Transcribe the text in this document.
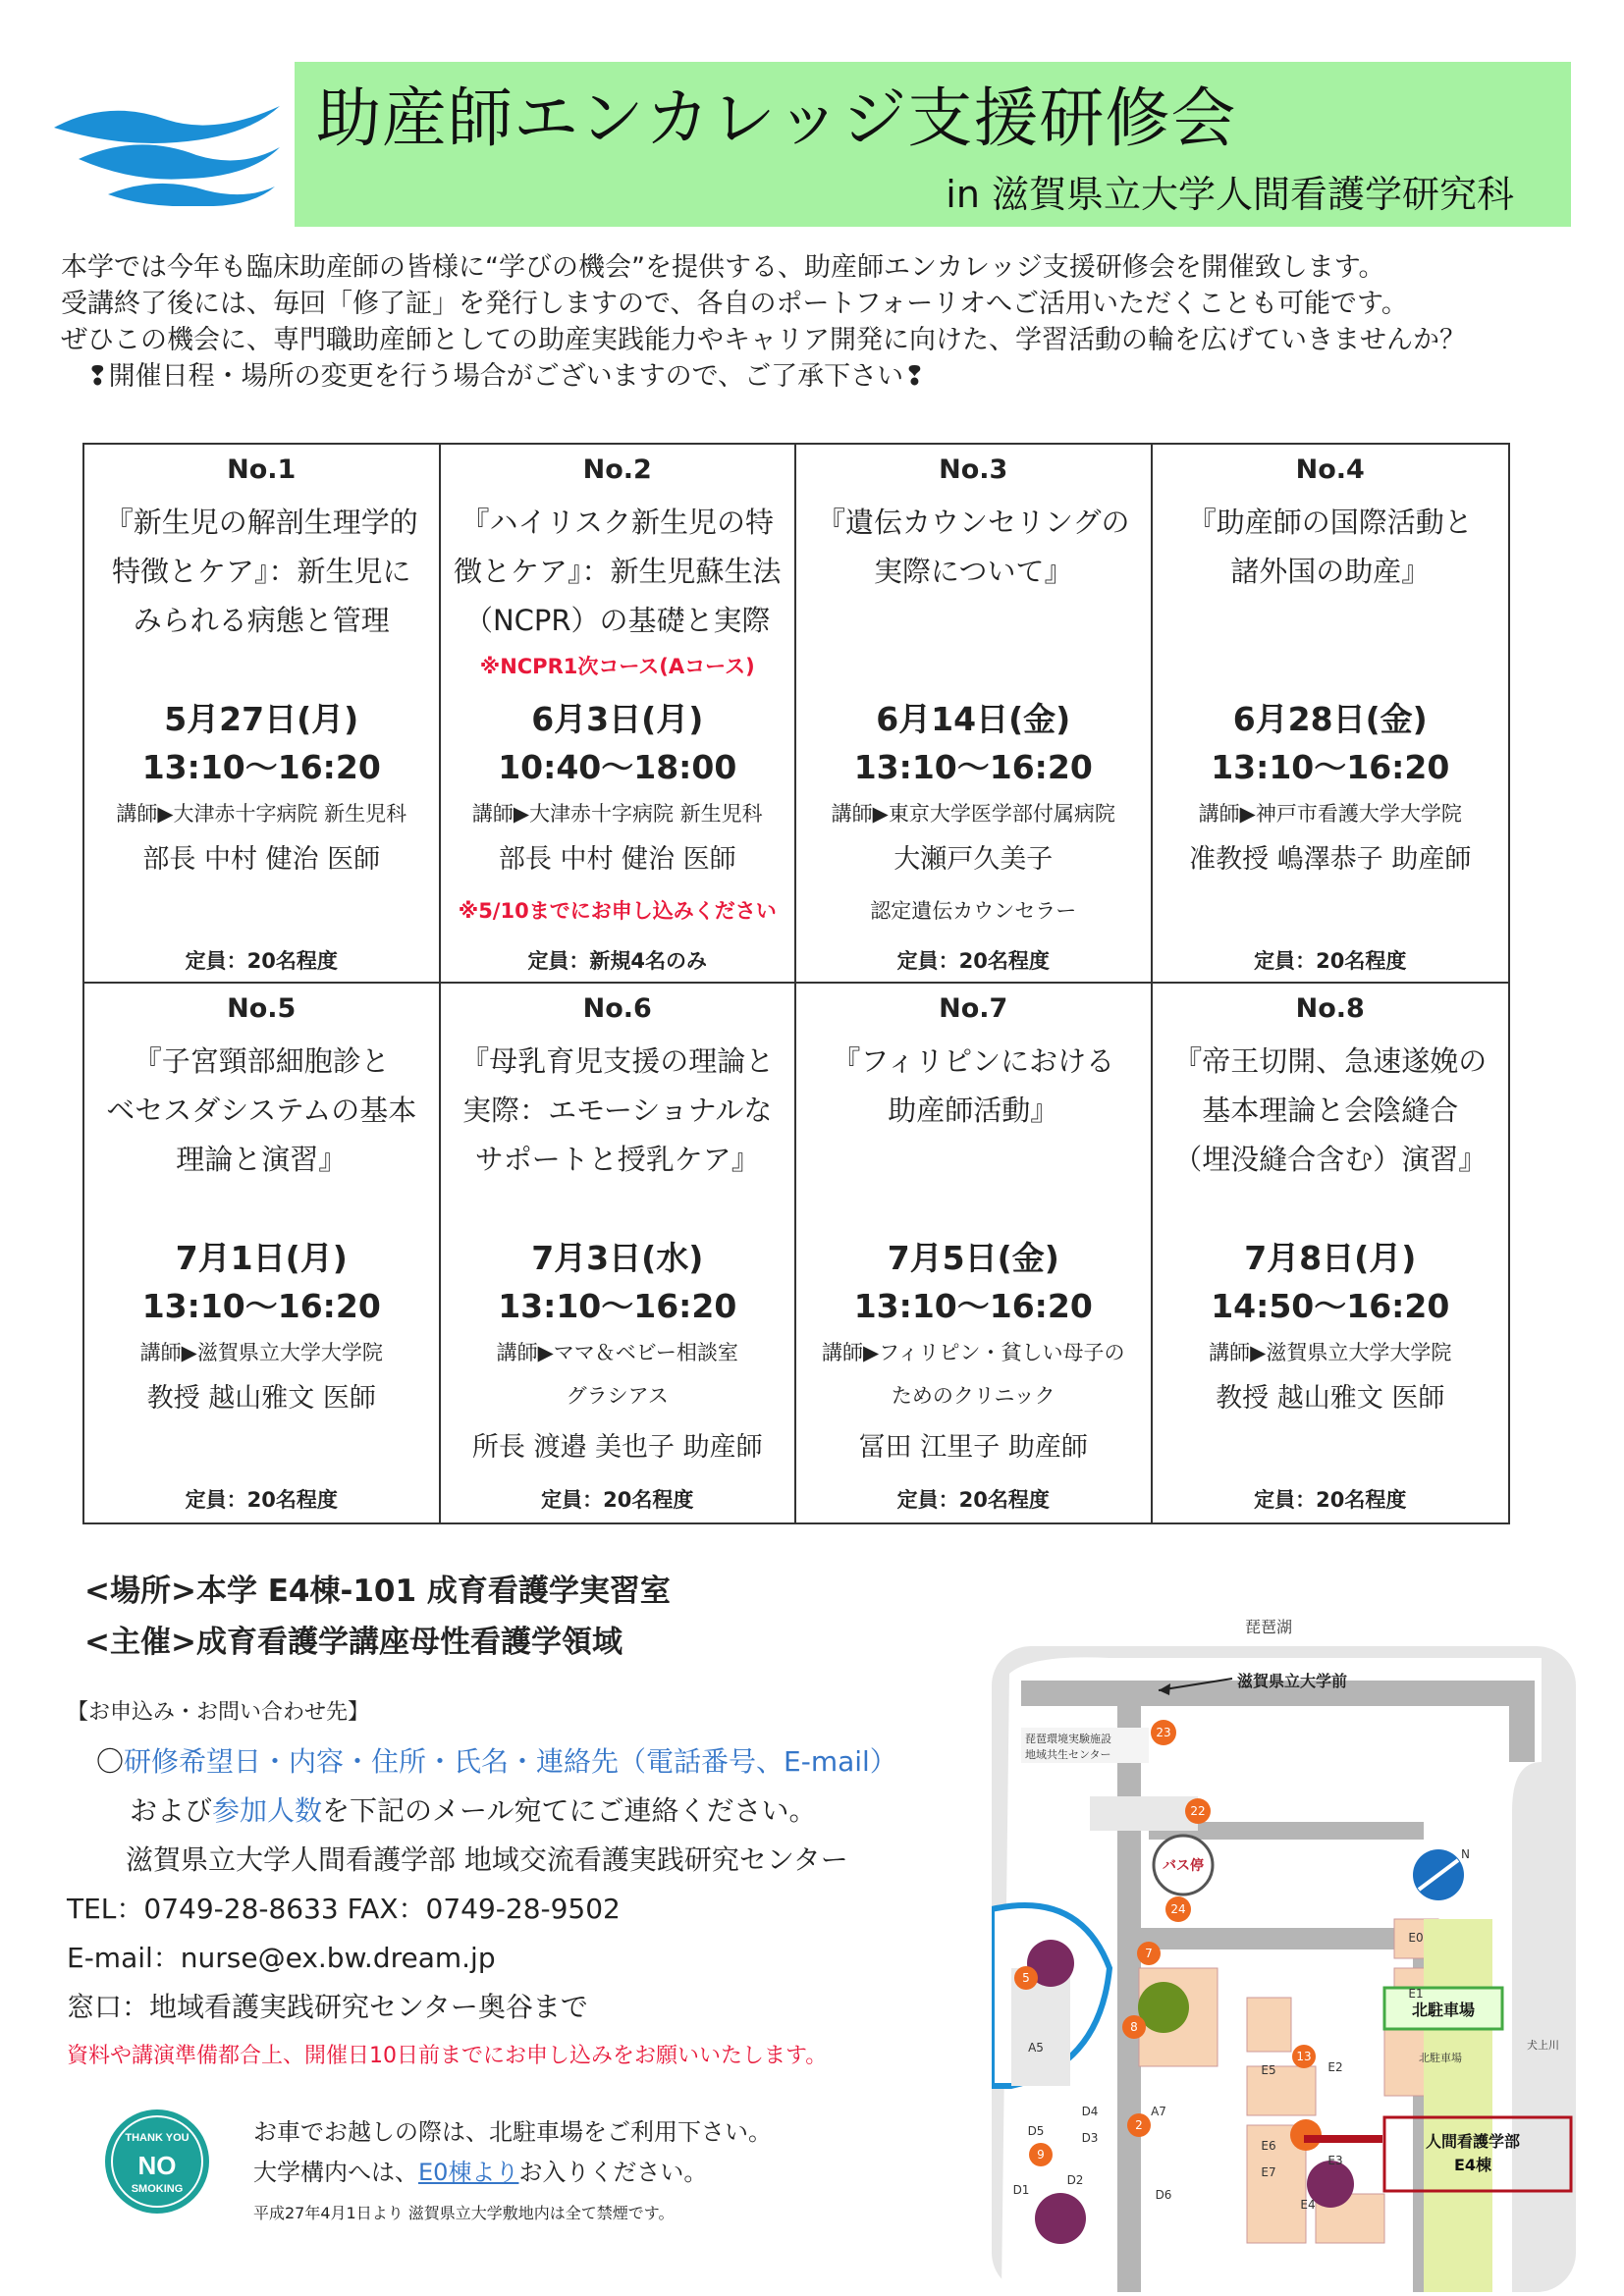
助産師エンカレッジ支援研修会
in 滋賀県立大学人間看護学研究科
本学では今年も臨床助産師の皆様に“学びの機会”を提供する、助産師エンカレッジ支援研修会を開催致します。
受講終了後には、毎回「修了証」を発行しますので、各自のポートフォーリオへご活用いただくことも可能です。
ぜひこの機会に、専門職助産師としての助産実践能力やキャリア開発に向けた、学習活動の輪を広げていきませんか？
❢開催日程・場所の変更を行う場合がございますので、ご了承下さい❢
No.1
『新生児の解剖生理学的
特徴とケア』：新生児に
みられる病態と管理
5月27日(月)
13:10～16:20
講師▶大津赤十字病院 新生児科
部長 中村 健治 医師
定員：20名程度
No.2
『ハイリスク新生児の特
徴とケア』：新生児蘇生法
（NCPR）の基礎と実際
※NCPR1次コース(Aコース)
6月3日(月)
10:40～18:00
講師▶大津赤十字病院 新生児科
部長 中村 健治 医師
※5/10までにお申し込みください
定員：新規4名のみ
No.3
『遺伝カウンセリングの
実際について』
6月14日(金)
13:10～16:20
講師▶東京大学医学部付属病院
大瀬戸久美子
認定遺伝カウンセラー
定員：20名程度
No.4
『助産師の国際活動と
諸外国の助産』
6月28日(金)
13:10～16:20
講師▶神戸市看護大学大学院
准教授 嶋澤恭子 助産師
定員：20名程度
No.5
『子宮頸部細胞診と
ベセスダシステムの基本
理論と演習』
7月1日(月)
13:10～16:20
講師▶滋賀県立大学大学院
教授 越山雅文 医師
定員：20名程度
No.6
『母乳育児支援の理論と
実際：エモーショナルな
サポートと授乳ケア』
7月3日(水)
13:10～16:20
講師▶ママ＆ベビー相談室
グラシアス
所長 渡邉 美也子 助産師
定員：20名程度
No.7
『フィリピンにおける
助産師活動』
7月5日(金)
13:10～16:20
講師▶フィリピン・貧しい母子の
ためのクリニック
冨田 江里子 助産師
定員：20名程度
No.8
『帝王切開、急速遂娩の
基本理論と会陰縫合
（埋没縫合含む）演習』
7月8日(月)
14:50～16:20
講師▶滋賀県立大学大学院
教授 越山雅文 医師
定員：20名程度
<場所>本学 E4棟-101 成育看護学実習室
<主催>成育看護学講座母性看護学領域
【お申込み・お問い合わせ先】
〇研修希望日・内容・住所・氏名・連絡先（電話番号、E-mail）
および参加人数を下記のメール宛てにご連絡ください。
滋賀県立大学人間看護学部 地域交流看護実践研究センター
TEL：0749-28-8633 FAX：0749-28-9502
E-mail：nurse@ex.bw.dream.jp
窓口：地域看護実践研究センター奥谷まで
資料や講演準備都合上、開催日10日前までにお申し込みをお願いいたします。
THANK YOU
NO
SMOKING
お車でお越しの際は、北駐車場をご利用下さい。
大学構内へは、E0棟よりお入りください。
平成27年4月1日より 滋賀県立大学敷地内は全て禁煙です。
琵琶湖
滋賀県立大学前
琵琶環境実験施設
地域共生センター
バス停
N
北駐車場
北駐車場
犬上川
人間看護学部
E4棟
23
22
24
5
7
8
2
9
13
E0
E1
E2
E5
E6
E7
E4
E3
A5
A7
D4
D3
D5
D2
D1	D6
